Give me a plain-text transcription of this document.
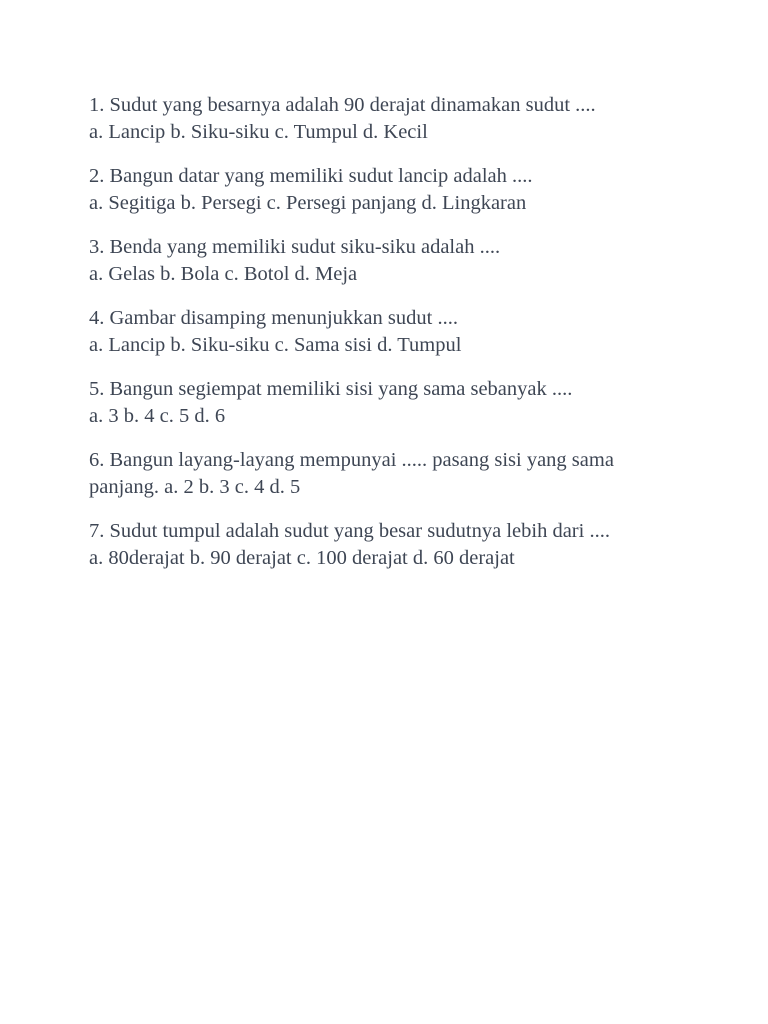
1. Sudut yang besarnya adalah 90 derajat dinamakan sudut ....

a. Lancip b. Siku-siku c. Tumpul d. Kecil

2. Bangun datar yang memiliki sudut lancip adalah ....

a. Segitiga b. Persegi c. Persegi panjang d. Lingkaran

3. Benda yang memiliki sudut siku-siku adalah ....

a. Gelas b. Bola c. Botol d. Meja

4. Gambar disamping menunjukkan sudut ....

a. Lancip b. Siku-siku c. Sama sisi d. Tumpul

5. Bangun segiempat memiliki sisi yang sama sebanyak ....

a. 3 b. 4 c. 5 d. 6

6. Bangun layang-layang mempunyai ..... pasang sisi yang sama

panjang. a. 2 b. 3 c. 4 d. 5

7. Sudut tumpul adalah sudut yang besar sudutnya lebih dari ....

a. 80derajat b. 90 derajat c. 100 derajat d. 60 derajat
